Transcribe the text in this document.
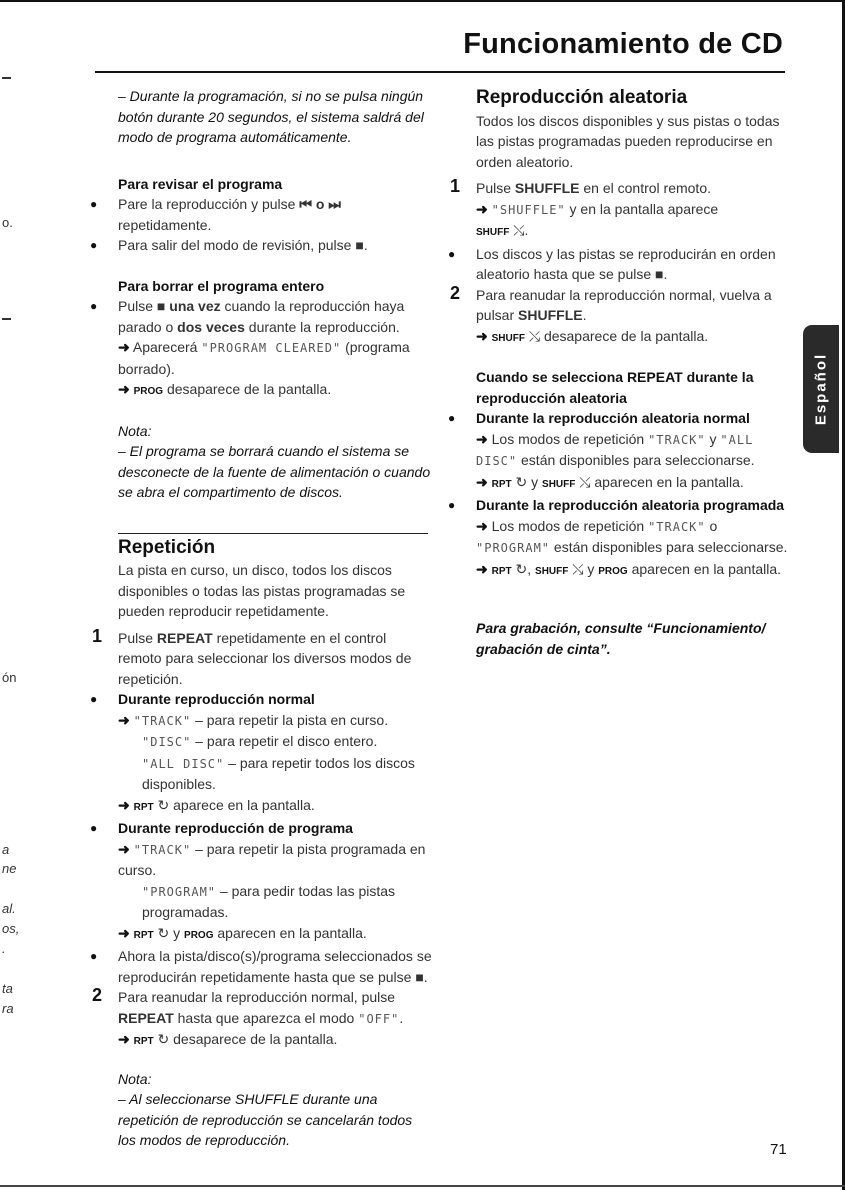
Funcionamiento de CD
o.
ón
a
ne
al.
os,
.
ta
ra

– Durante la programación, si no se pulsa ningún botón durante 20 segundos, el sistema saldrá del modo de programa automáticamente.

Para revisar el programa

● Pare la reproducción y pulse ⏮ o ⏭ repetidamente.

● Para salir del modo de revisión, pulse ■.

Para borrar el programa entero

● Pulse ■ una vez cuando la reproducción haya parado o dos veces durante la reproducción.
➜ Aparecerá "PROGRAM CLEARED" (programa borrado).
➜ PROG desaparece de la pantalla.

Nota:

– El programa se borrará cuando el sistema se desconecte de la fuente de alimentación o cuando se abra el compartimento de discos.

Repetición

La pista en curso, un disco, todos los discos disponibles o todas las pistas programadas se pueden reproducir repetidamente.

1 Pulse REPEAT repetidamente en el control remoto para seleccionar los diversos modos de repetición.

● Durante reproducción normal

➜ "TRACK" – para repetir la pista en curso.

"DISC" – para repetir el disco entero.

"ALL DISC" – para repetir todos los discos disponibles.

➜ RPT ↻ aparece en la pantalla.

● Durante reproducción de programa

➜ "TRACK" – para repetir la pista programada en curso.

"PROGRAM" – para pedir todas las pistas programadas.

➜ RPT ↻ y PROG aparecen en la pantalla.

● Ahora la pista/disco(s)/programa seleccionados se reproducirán repetidamente hasta que se pulse ■.

2 Para reanudar la reproducción normal, pulse REPEAT hasta que aparezca el modo "OFF".
➜ RPT ↻ desaparece de la pantalla.

Nota:

– Al seleccionarse SHUFFLE durante una repetición de reproducción se cancelarán todos los modos de reproducción.

Reproducción aleatoria

Todos los discos disponibles y sus pistas o todas las pistas programadas pueden reproducirse en orden aleatorio.

1 Pulse SHUFFLE en el control remoto.
➜ "SHUFFLE" y en la pantalla aparece
SHUFF ⤯.

● Los discos y las pistas se reproducirán en orden aleatorio hasta que se pulse ■.

2 Para reanudar la reproducción normal, vuelva a pulsar SHUFFLE.
➜ SHUFF ⤯ desaparece de la pantalla.

Cuando se selecciona REPEAT durante la reproducción aleatoria

● Durante la reproducción aleatoria normal

➜ Los modos de repetición "TRACK" y "ALL DISC" están disponibles para seleccionarse.
➜ RPT ↻ y SHUFF ⤯ aparecen en la pantalla.

● Durante la reproducción aleatoria programada

➜ Los modos de repetición "TRACK" o "PROGRAM" están disponibles para seleccionarse.
➜ RPT ↻, SHUFF ⤯ y PROG aparecen en la pantalla.

Para grabación, consulte “Funcionamiento/ grabación de cinta”.

Español
71
